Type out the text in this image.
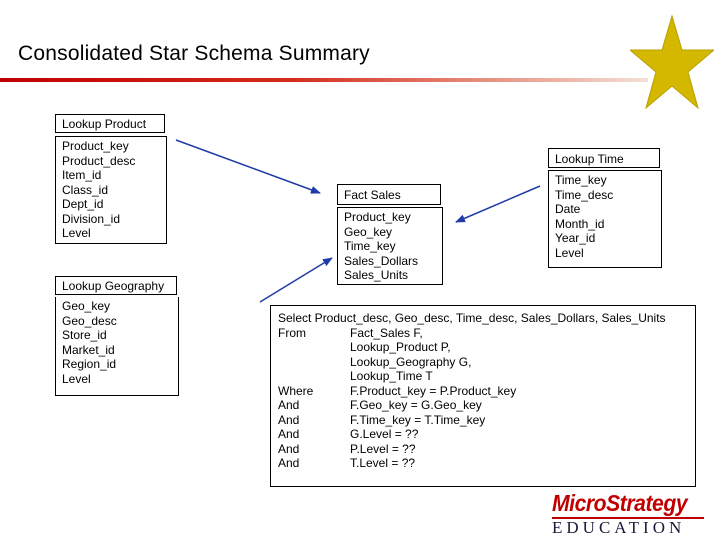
Consolidated Star Schema Summary
Lookup Product
Product_key
Product_desc
Item_id
Class_id
Dept_id
Division_id
Level
Lookup Geography
Geo_key
Geo_desc
Store_id
Market_id
Region_id
Level
Fact Sales
Product_key
Geo_key
Time_key
Sales_Dollars
Sales_Units
Lookup Time
Time_key
Time_desc
Date
Month_id
Year_id
Level
Select Product_desc, Geo_desc, Time_desc, Sales_Dollars, Sales_Units
From	Fact_Sales F,
Lookup_Product P,
Lookup_Geography G,
Lookup_Time T
Where	F.Product_key = P.Product_key
And	F.Geo_key = G.Geo_key
And	F.Time_key = T.Time_key
And	G.Level = ??
And	P.Level = ??
And	T.Level = ??
MicroStrategy
EDUCATION
